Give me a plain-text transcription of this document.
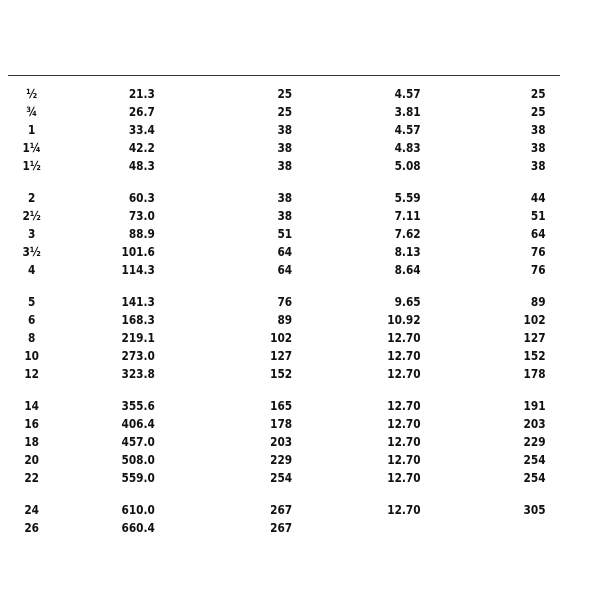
½	21.3	25	4.57	25
¾	26.7	25	3.81	25
1	33.4	38	4.57	38
1¼	42.2	38	4.83	38
1½	48.3	38	5.08	38
2	60.3	38	5.59	44
2½	73.0	38	7.11	51
3	88.9	51	7.62	64
3½	101.6	64	8.13	76
4	114.3	64	8.64	76
5	141.3	76	9.65	89
6	168.3	89	10.92	102
8	219.1	102	12.70	127
10	273.0	127	12.70	152
12	323.8	152	12.70	178
14	355.6	165	12.70	191
16	406.4	178	12.70	203
18	457.0	203	12.70	229
20	508.0	229	12.70	254
22	559.0	254	12.70	254
24	610.0	267	12.70	305
26	660.4	267
